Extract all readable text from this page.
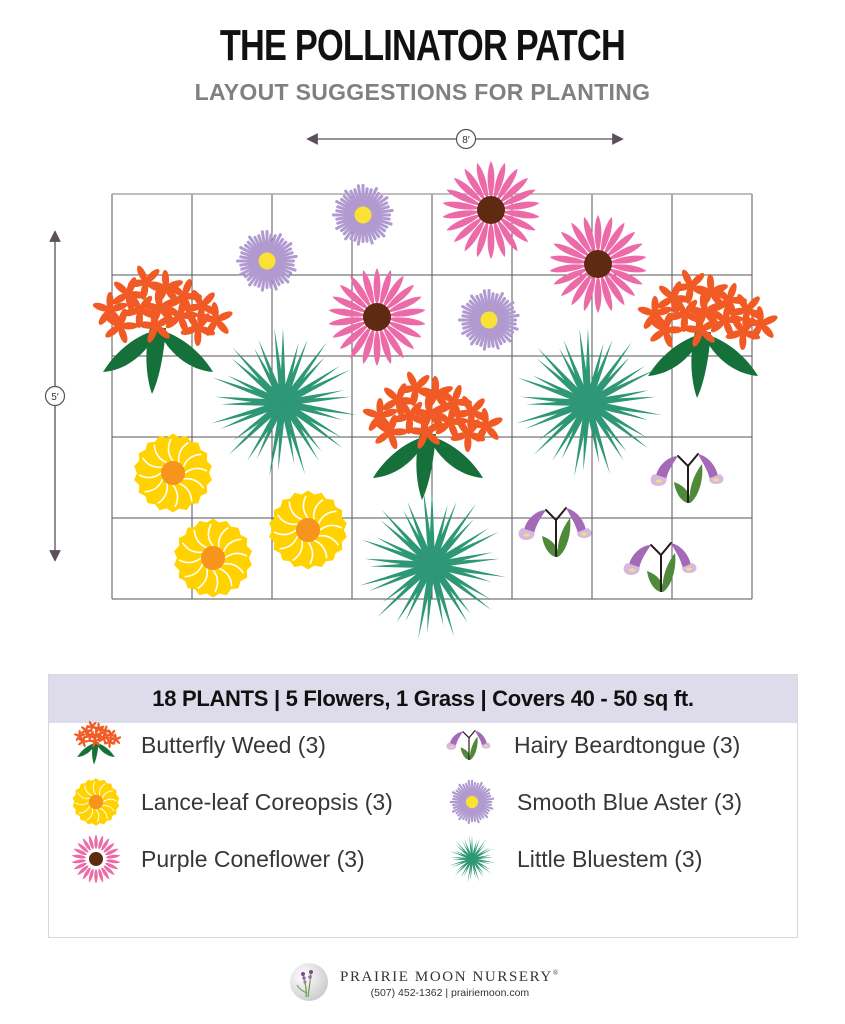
THE POLLINATOR PATCH
LAYOUT SUGGESTIONS FOR PLANTING
8′
5′
18 PLANTS | 5 Flowers, 1 Grass | Covers 40 - 50 sq ft.
Butterfly Weed (3)
Lance-leaf Coreopsis (3)
Purple Coneflower (3)
Hairy Beardtongue (3)
Smooth Blue Aster (3)
Little Bluestem (3)
PRAIRIE MOON NURSERY®
(507) 452-1362 | prairiemoon.com
